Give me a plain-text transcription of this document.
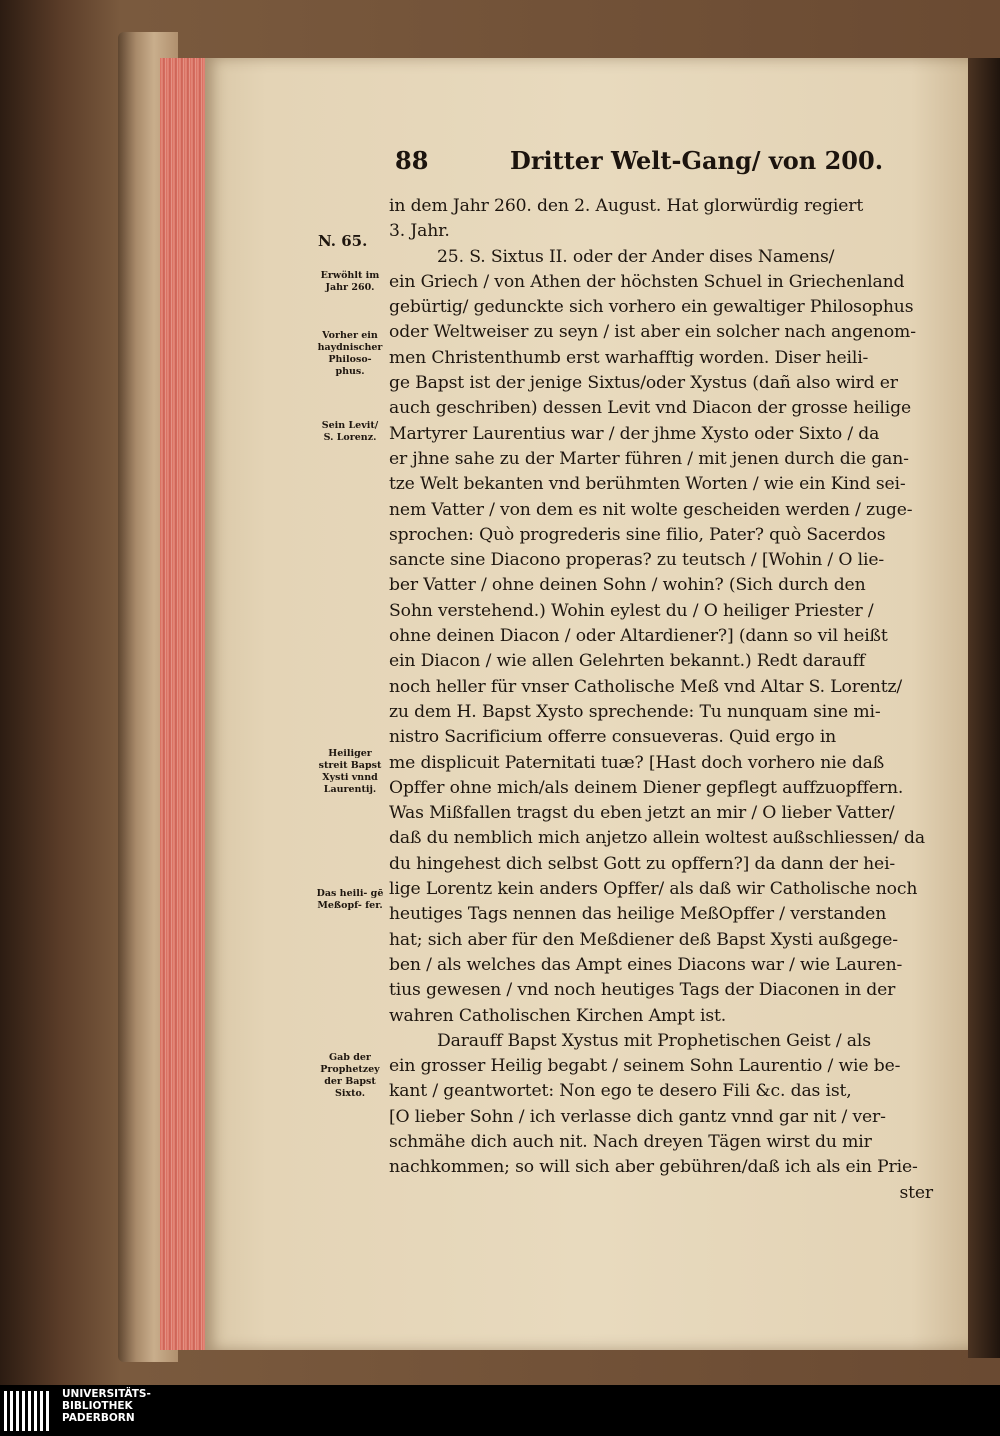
88	Dritter Welt-Gang/ von 200.
N. 65.
Erwöhlt im Jahr 260.
Vorher ein haydnischer Philoso- phus.
Sein Levit/ S. Lorenz.
Heiliger streit Bapst Xysti vnnd Laurentij.
Das heili- gē Meßopf- fer.
Gab der Prophetzey der Bapst Sixto.
in dem Jahr 260. den 2. August. Hat glorwürdig regiert
3. Jahr.
25. S. Sixtus II. oder der Ander dises Namens/
ein Griech / von Athen der höchsten Schuel in Griechenland
gebürtig/ gedunckte sich vorhero ein gewaltiger Philosophus
oder Weltweiser zu seyn / ist aber ein solcher nach angenom-
men Christenthumb erst warhafftig worden. Diser heili-
ge Bapst ist der jenige Sixtus/oder Xystus (dañ also wird er
auch geschriben) dessen Levit vnd Diacon der grosse heilige
Martyrer Laurentius war / der jhme Xysto oder Sixto / da
er jhne sahe zu der Marter führen / mit jenen durch die gan-
tze Welt bekanten vnd berühmten Worten / wie ein Kind sei-
nem Vatter / von dem es nit wolte gescheiden werden / zuge-
sprochen: Quò progrederis sine filio, Pater? quò Sacerdos
sancte sine Diacono properas? zu teutsch / [Wohin / O lie-
ber Vatter / ohne deinen Sohn / wohin? (Sich durch den
Sohn verstehend.) Wohin eylest du / O heiliger Priester /
ohne deinen Diacon / oder Altardiener?] (dann so vil heißt
ein Diacon / wie allen Gelehrten bekannt.) Redt darauff
noch heller für vnser Catholische Meß vnd Altar S. Lorentz/
zu dem H. Bapst Xysto sprechende: Tu nunquam sine mi-
nistro Sacrificium offerre consueveras. Quid ergo in
me displicuit Paternitati tuæ? [Hast doch vorhero nie daß
Opffer ohne mich/als deinem Diener gepflegt auffzuopffern.
Was Mißfallen tragst du eben jetzt an mir / O lieber Vatter/
daß du nemblich mich anjetzo allein woltest außschliessen/ da
du hingehest dich selbst Gott zu opffern?] da dann der hei-
lige Lorentz kein anders Opffer/ als daß wir Catholische noch
heutiges Tags nennen das heilige MeßOpffer / verstanden
hat; sich aber für den Meßdiener deß Bapst Xysti außgege-
ben / als welches das Ampt eines Diacons war / wie Lauren-
tius gewesen / vnd noch heutiges Tags der Diaconen in der
wahren Catholischen Kirchen Ampt ist.
Darauff Bapst Xystus mit Prophetischen Geist / als
ein grosser Heilig begabt / seinem Sohn Laurentio / wie be-
kant / geantwortet: Non ego te desero Fili &c. das ist,
[O lieber Sohn / ich verlasse dich gantz vnnd gar nit / ver-
schmähe dich auch nit. Nach dreyen Tägen wirst du mir
nachkommen; so will sich aber gebühren/daß ich als ein Prie-
ster
UNIVERSITÄTS-
BIBLIOTHEK
PADERBORN
